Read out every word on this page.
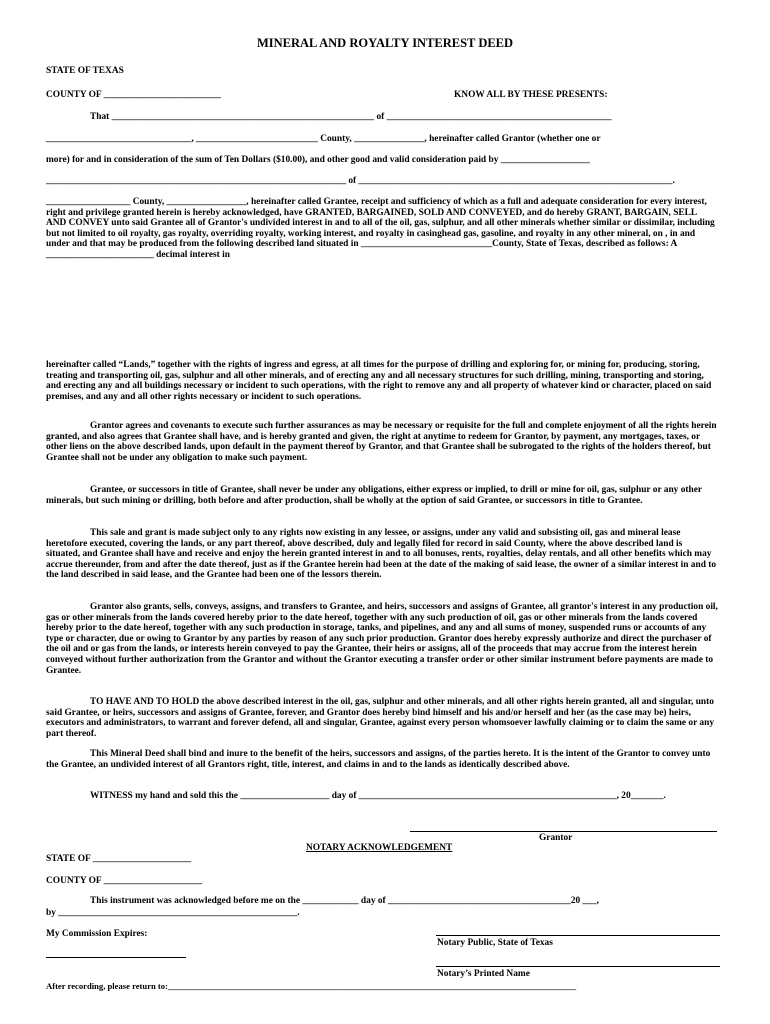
MINERAL AND ROYALTY INTEREST DEED
STATE OF TEXAS
COUNTY OF _________________________	KNOW ALL BY THESE PRESENTS:
That ________________________________________________________ of ________________________________________________
_______________________________, __________________________ County, _______________, hereinafter called Grantor (whether one or
more) for and in consideration of the sum of Ten Dollars ($10.00), and other good and valid consideration paid by ___________________
________________________________________________________________ of ___________________________________________________________________.
__________________ County, _________________, hereinafter called Grantee, receipt and sufficiency of which as a full and adequate consideration for every interest, right and privilege granted herein is hereby acknowledged, have GRANTED, BARGAINED, SOLD AND CONVEYED, and do hereby GRANT, BARGAIN, SELL AND CONVEY unto said Grantee all of Grantor's undivided interest in and to all of the oil, gas, sulphur, and all other minerals whether similar or dissimilar, including but not limited to oil royalty, gas royalty, overriding royalty, working interest, and royalty in casinghead gas, gasoline, and royalty in any other mineral, on , in and under and that may be produced from the following described land situated in ____________________________County, State of Texas, described as follows: A _______________________ decimal interest in
hereinafter called “Lands,” together with the rights of ingress and egress, at all times for the purpose of drilling and exploring for, or mining for, producing, storing, treating and transporting oil, gas, sulphur and all other minerals, and of erecting any and all necessary structures for such drilling, mining, transporting and storing, and erecting any and all buildings necessary or incident to such operations, with the right to remove any and all property of whatever kind or character, placed on said premises, and any and all other rights necessary or incident to such operations.
Grantor agrees and covenants to execute such further assurances as may be necessary or requisite for the full and complete enjoyment of all the rights herein granted, and also agrees that Grantee shall have, and is hereby granted and given, the right at anytime to redeem for Grantor, by payment, any mortgages, taxes, or other liens on the above described lands, upon default in the payment thereof by Grantor, and that Grantee shall be subrogated to the rights of the holders thereof, but Grantee shall not be under any obligation to make such payment.
Grantee, or successors in title of Grantee, shall never be under any obligations, either express or implied, to drill or mine for oil, gas, sulphur or any other minerals, but such mining or drilling, both before and after production, shall be wholly at the option of said Grantee, or successors in title to Grantee.
This sale and grant is made subject only to any rights now existing in any lessee, or assigns, under any valid and subsisting oil, gas and mineral lease heretofore executed, covering the lands, or any part thereof, above described, duly and legally filed for record in said County, where the above described land is situated, and Grantee shall have and receive and enjoy the herein granted interest in and to all bonuses, rents, royalties, delay rentals, and all other benefits which may accrue thereunder, from and after the date thereof, just as if the Grantee herein had been at the date of the making of said lease, the owner of a similar interest in and to the land described in said lease, and the Grantee had been one of the lessors therein.
Grantor also grants, sells, conveys, assigns, and transfers to Grantee, and heirs, successors and assigns of Grantee, all grantor's interest in any production oil, gas or other minerals from the lands covered hereby prior to the date hereof, together with any such production of oil, gas or other minerals from the lands covered hereby prior to the date hereof, together with any such production in storage, tanks, and pipelines, and any and all sums of money, suspended runs or accounts of any type or character, due or owing to Grantor by any parties by reason of any such prior production. Grantor does hereby expressly authorize and direct the purchaser of the oil and or gas from the lands, or interests herein conveyed to pay the Grantee, their heirs or assigns, all of the proceeds that may accrue from the interest herein conveyed without further authorization from the Grantor and without the Grantor executing a transfer order or other similar instrument before payments are made to Grantee.
TO HAVE AND TO HOLD the above described interest in the oil, gas, sulphur and other minerals, and all other rights herein granted, all and singular, unto said Grantee, or heirs, successors and assigns of Grantee, forever, and Grantor does hereby bind himself and his and/or herself and her (as the case may be) heirs, executors and administrators, to warrant and forever defend, all and singular, Grantee, against every person whomsoever lawfully claiming or to claim the same or any part thereof.
This Mineral Deed shall bind and inure to the benefit of the heirs, successors and assigns, of the parties hereto. It is the intent of the Grantor to convey unto the Grantee, an undivided interest of all Grantors right, title, interest, and claims in and to the lands as identically described above.
WITNESS my hand and sold this the ___________________ day of _______________________________________________________, 20_______.
Grantor
NOTARY ACKNOWLEDGEMENT
STATE OF _____________________
COUNTY OF _____________________
This instrument was acknowledged before me on the ____________ day of _______________________________________20 ___,
by ___________________________________________________.
My Commission Expires:
Notary Public, State of Texas
Notary’s Printed Name
After recording, please return to:_______________________________________________________________________________________________
